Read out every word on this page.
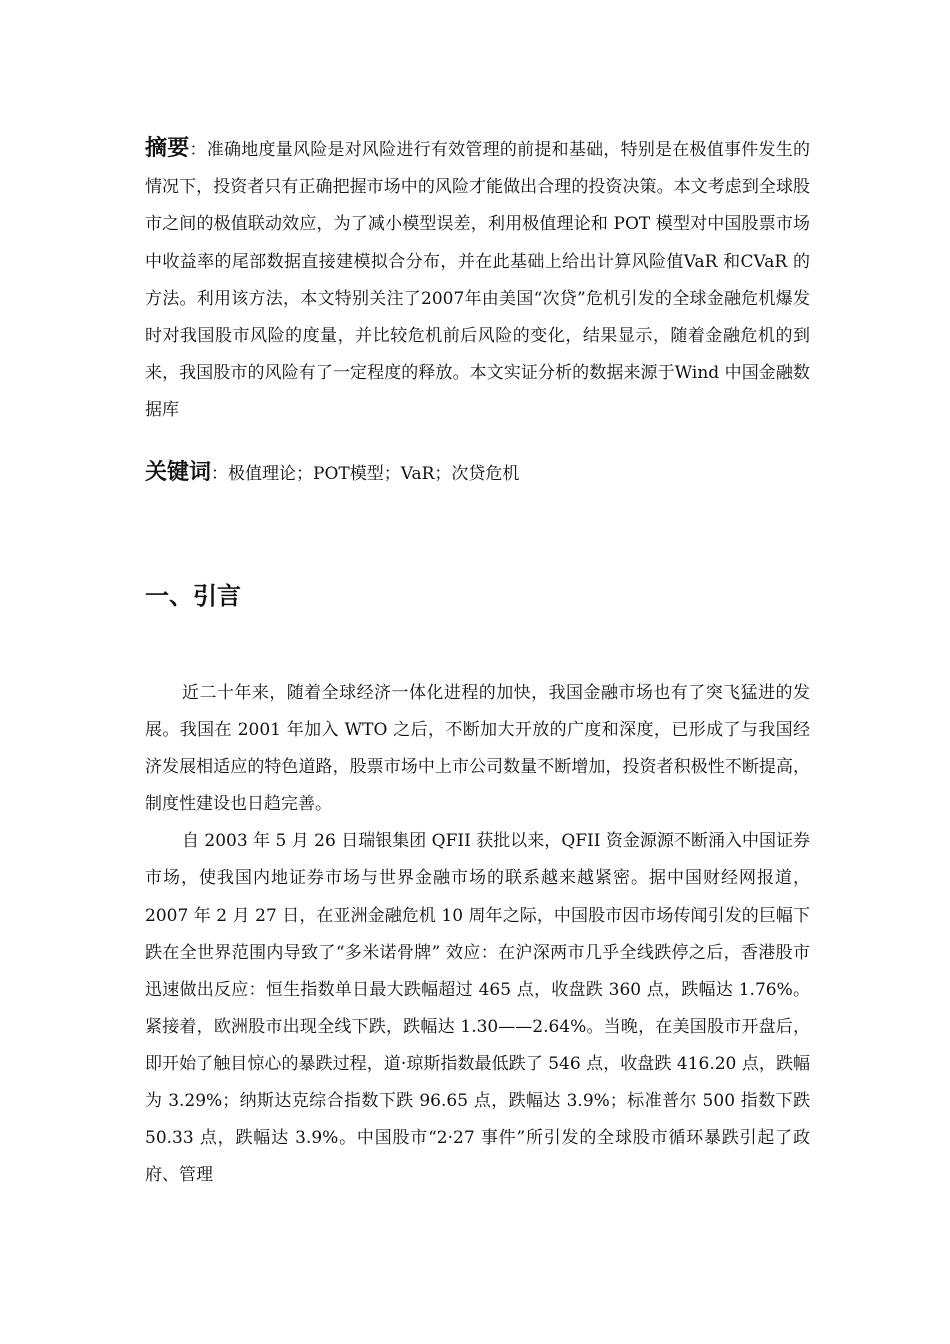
摘要：准确地度量风险是对风险进行有效管理的前提和基础，特别是在极值事件发生的情况下，投资者只有正确把握市场中的风险才能做出合理的投资决策。本文考虑到全球股市之间的极值联动效应，为了减小模型误差，利用极值理论和 POT 模型对中国股票市场中收益率的尾部数据直接建模拟合分布，并在此基础上给出计算风险值VaR 和CVaR 的方法。利用该方法，本文特别关注了2007年由美国“次贷”危机引发的全球金融危机爆发时对我国股市风险的度量，并比较危机前后风险的变化，结果显示，随着金融危机的到来，我国股市的风险有了一定程度的释放。本文实证分析的数据来源于Wind 中国金融数据库
关键词：极值理论；POT模型；VaR；次贷危机
一、引言

近二十年来，随着全球经济一体化进程的加快，我国金融市场也有了突飞猛进的发展。我国在 2001 年加入 WTO 之后，不断加大开放的广度和深度，已形成了与我国经济发展相适应的特色道路，股票市场中上市公司数量不断增加，投资者积极性不断提高，制度性建设也日趋完善。

自 2003 年 5 月 26 日瑞银集团 QFII 获批以来，QFII 资金源源不断涌入中国证券市场，使我国内地证券市场与世界金融市场的联系越来越紧密。据中国财经网报道，2007 年 2 月 27 日，在亚洲金融危机 10 周年之际，中国股市因市场传闻引发的巨幅下跌在全世界范围内导致了“多米诺骨牌” 效应：在沪深两市几乎全线跌停之后，香港股市迅速做出反应：恒生指数单日最大跌幅超过 465 点，收盘跌 360 点，跌幅达 1.76%。紧接着，欧洲股市出现全线下跌，跌幅达 1.30——2.64%。当晚，在美国股市开盘后，即开始了触目惊心的暴跌过程，道·琼斯指数最低跌了 546 点，收盘跌 416.20 点，跌幅为 3.29%；纳斯达克综合指数下跌 96.65 点，跌幅达 3.9%；标准普尔 500 指数下跌 50.33 点，跌幅达 3.9%。中国股市“2·27 事件”所引发的全球股市循环暴跌引起了政府、管理
